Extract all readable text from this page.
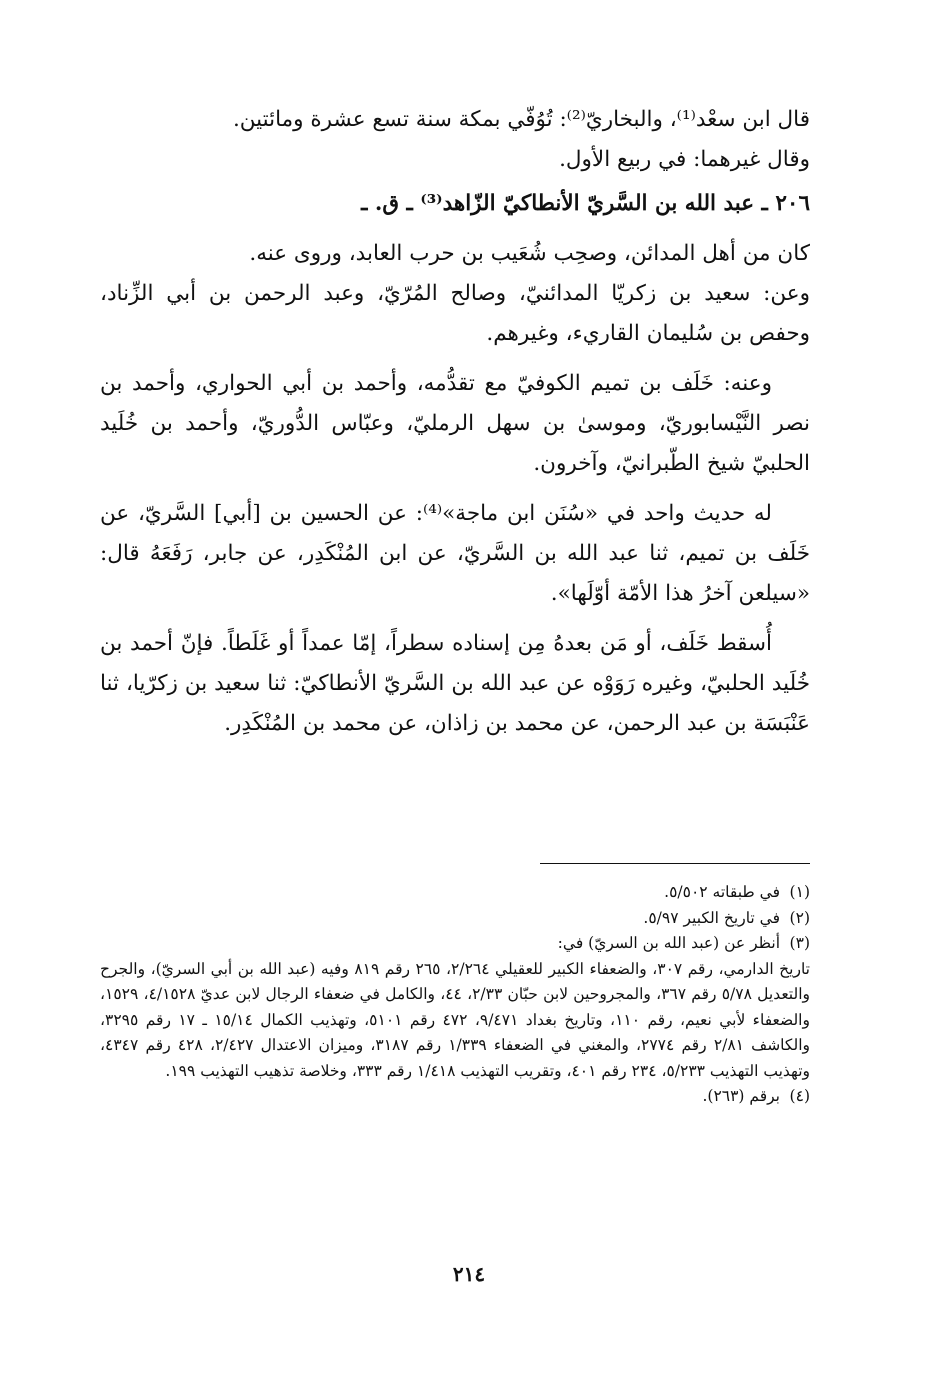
قال ابن سعْد⁽¹⁾، والبخاريّ⁽²⁾: تُوُفّي بمكة سنة تسع عشرة ومائتين.

وقال غيرهما: في ربيع الأول.

٢٠٦ ـ عبد الله بن السَّريّ الأنطاكيّ الزّاهد⁽³⁾ ـ ق. ـ

كان من أهل المدائن، وصحِب شُعَيب بن حرب العابد، وروى عنه.

وعن: سعيد بن زكريّا المدائنيّ، وصالح المُرّيّ، وعبد الرحمن بن أبي الزِّناد، وحفص بن سُليمان القاريء، وغيرهم.

وعنه: خَلَف بن تميم الكوفيّ مع تقدُّمه، وأحمد بن أبي الحواري، وأحمد بن نصر النَّيْسابوريّ، وموسىٰ بن سهل الرمليّ، وعبّاس الدُّوريّ، وأحمد بن خُلَيد الحلبيّ شيخ الطّبرانيّ، وآخرون.

له حديث واحد في «سُنَن ابن ماجة»⁽⁴⁾: عن الحسين بن [أبي] السَّريّ، عن خَلَف بن تميم، ثنا عبد الله بن السَّريّ، عن ابن المُنْكَدِر، عن جابر، رَفَعَهُ قال: «سيلعن آخرُ هذا الأمّة أوّلَها».

أُسقط خَلَف، أو مَن بعدهُ مِن إسناده سطراً، إمّا عمداً أو غَلَطاً. فإنّ أحمد بن خُلَيد الحلبيّ، وغيره رَوَوْه عن عبد الله بن السَّريّ الأنطاكيّ: ثنا سعيد بن زكرّيا، ثنا عَنْبَسَة بن عبد الرحمن، عن محمد بن زاذان، عن محمد بن المُنْكَدِر.

(١)
في طبقاته ٥/٥٠٢.
(٢)
في تاريخ الكبير ٥/٩٧.
(٣)
أنظر عن (عبد الله بن السريّ) في:
تاريخ الدارمي، رقم ٣٠٧، والضعفاء الكبير للعقيلي ٢/٢٦٤، ٢٦٥ رقم ٨١٩ وفيه (عبد الله بن أبي السريّ)، والجرح والتعديل ٥/٧٨ رقم ٣٦٧، والمجروحين لابن حبّان ٢/٣٣، ٤٤، والكامل في ضعفاء الرجال لابن عديّ ٤/١٥٢٨، ١٥٢٩، والضعفاء لأبي نعيم، رقم ١١٠، وتاريخ بغداد ٩/٤٧١، ٤٧٢ رقم ٥١٠١، وتهذيب الكمال ١٥/١٤ ـ ١٧ رقم ٣٢٩٥، والكاشف ٢/٨١ رقم ٢٧٧٤، والمغني في الضعفاء ١/٣٣٩ رقم ٣١٨٧، وميزان الاعتدال ٢/٤٢٧، ٤٢٨ رقم ٤٣٤٧، وتهذيب التهذيب ٥/٢٣٣، ٢٣٤ رقم ٤٠١، وتقريب التهذيب ١/٤١٨ رقم ٣٣٣، وخلاصة تذهيب التهذيب ١٩٩.
(٤)
برقم (٢٦٣).
٢١٤
